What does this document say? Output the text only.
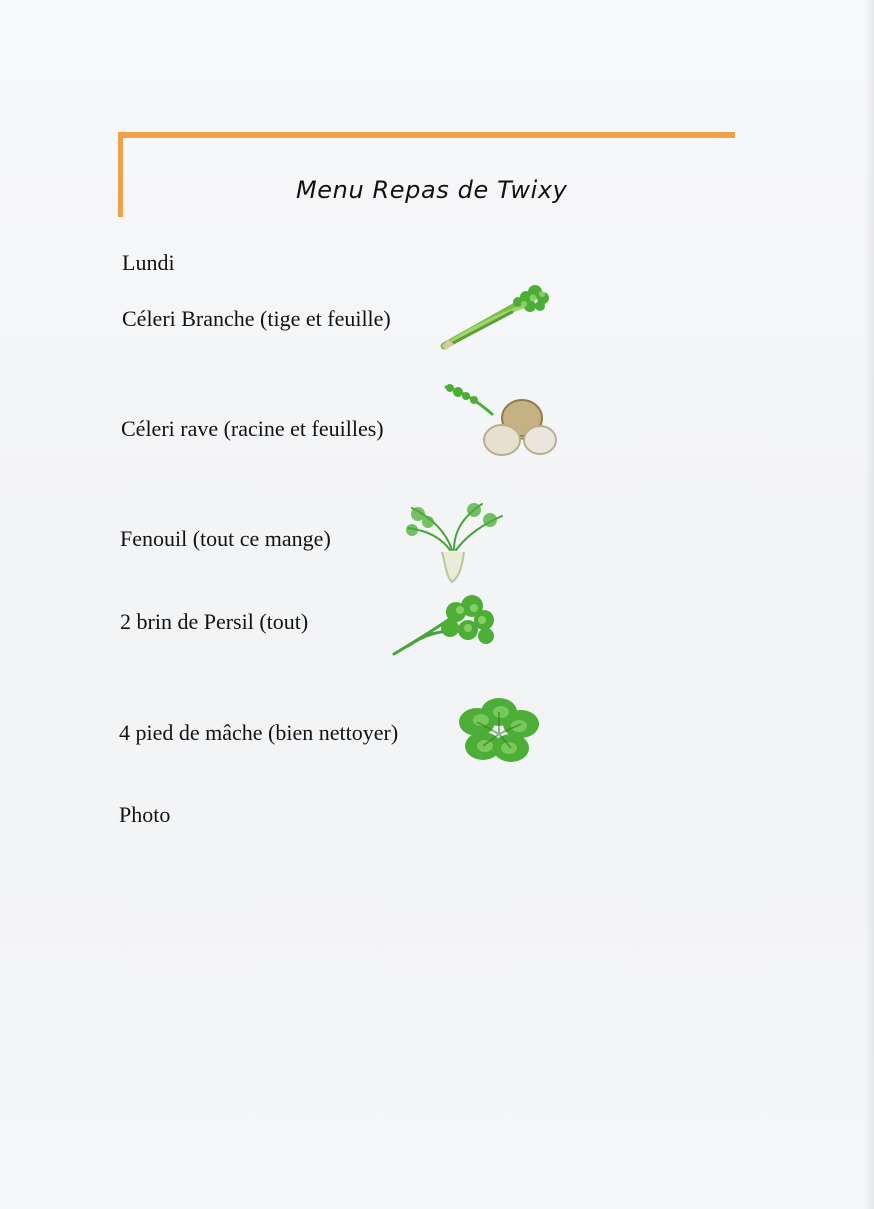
Menu Repas de Twixy
Lundi
Céleri Branche (tige et feuille)
Céleri rave (racine et feuilles)
Fenouil (tout ce mange)
2 brin de Persil (tout)
4 pied de mâche (bien nettoyer)
Photo
